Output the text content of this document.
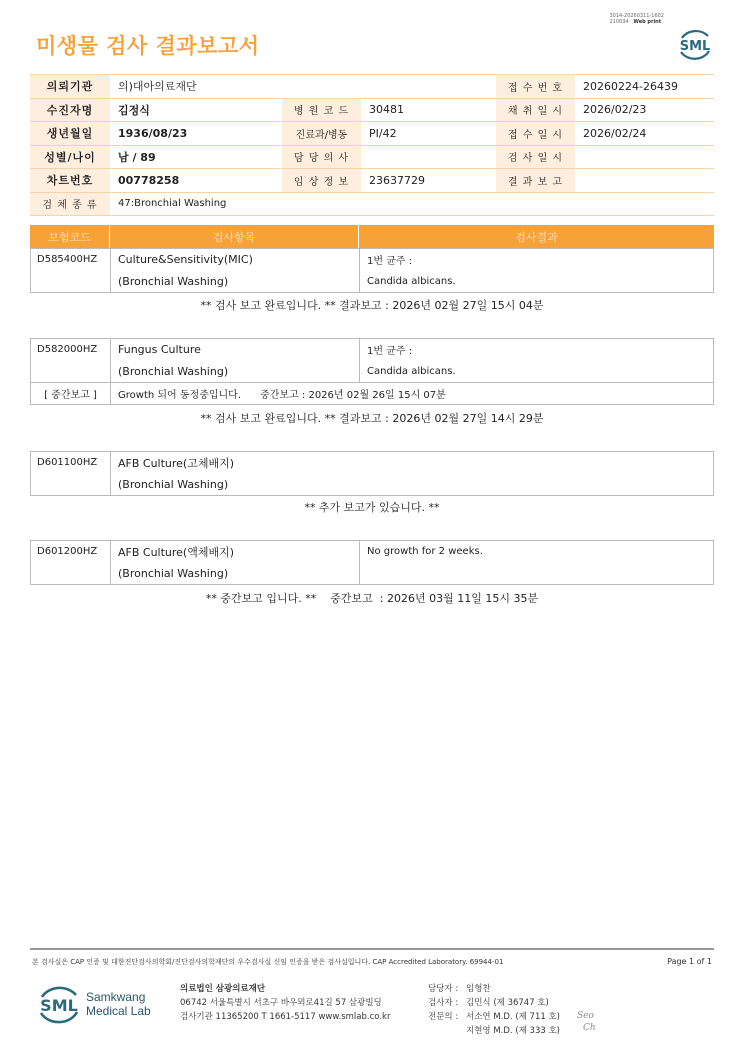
3014-20260311-1602
210034 Web print
미생물 검사 결과보고서	SML
의뢰기관	의)대아의료재단			접 수 번 호	20260224-26439
수진자명	김정식	병 원 코 드	30481	채 취 일 시	2026/02/23
생년월일	1936/08/23	진료과/병동	PI/42	접 수 일 시	2026/02/24
성별/나이	남 / 89	담 당 의 사		검 사 일 시	
차트번호	00778258	임 상 정 보	23637729	결 과 보 고	
검 체 종 류	47:Bronchial Washing				
보험코드	검사항목	검사결과
D585400HZ	Culture&Sensitivity(MIC)	1번 균주 :
	(Bronchial Washing)	Candida albicans.
** 검사 보고 완료입니다. ** 결과보고 : 2026년 02월 27일 15시 04분
D582000HZ	Fungus Culture	1번 균주 :
	(Bronchial Washing)	Candida albicans.
[ 중간보고 ]	Growth 되어 동정중입니다.      중간보고 : 2026년 02월 26일 15시 07분	
** 검사 보고 완료입니다. ** 결과보고 : 2026년 02월 27일 14시 29분
D601100HZ	AFB Culture(고체배지)
	(Bronchial Washing)
** 추가 보고가 있습니다. **
D601200HZ	AFB Culture(액체배지)	No growth for 2 weeks.
	(Bronchial Washing)	
** 중간보고 입니다. **    중간보고  : 2026년 03월 11일 15시 35분
본 검사실은 CAP 인증 및 대한진단검사의학회/진단검사의학재단의 우수검사실 신임 인증을 받은 검사실입니다. CAP Accredited Laboratory. 69944-01	Page 1 of 1
SML Samkwang
Medical Lab
의료법인 삼광의료재단
06742 서울특별시 서초구 바우뫼로41길 57 삼광빌딩
검사기관 11365200 T 1661-5117 www.smlab.co.kr
담당자 : 임형찬
검사자 : 김민식 (제 36747 호)
전문의 : 서소연 M.D. (제 711 호)
지현영 M.D. (제 333 호)
Seo
Ch
